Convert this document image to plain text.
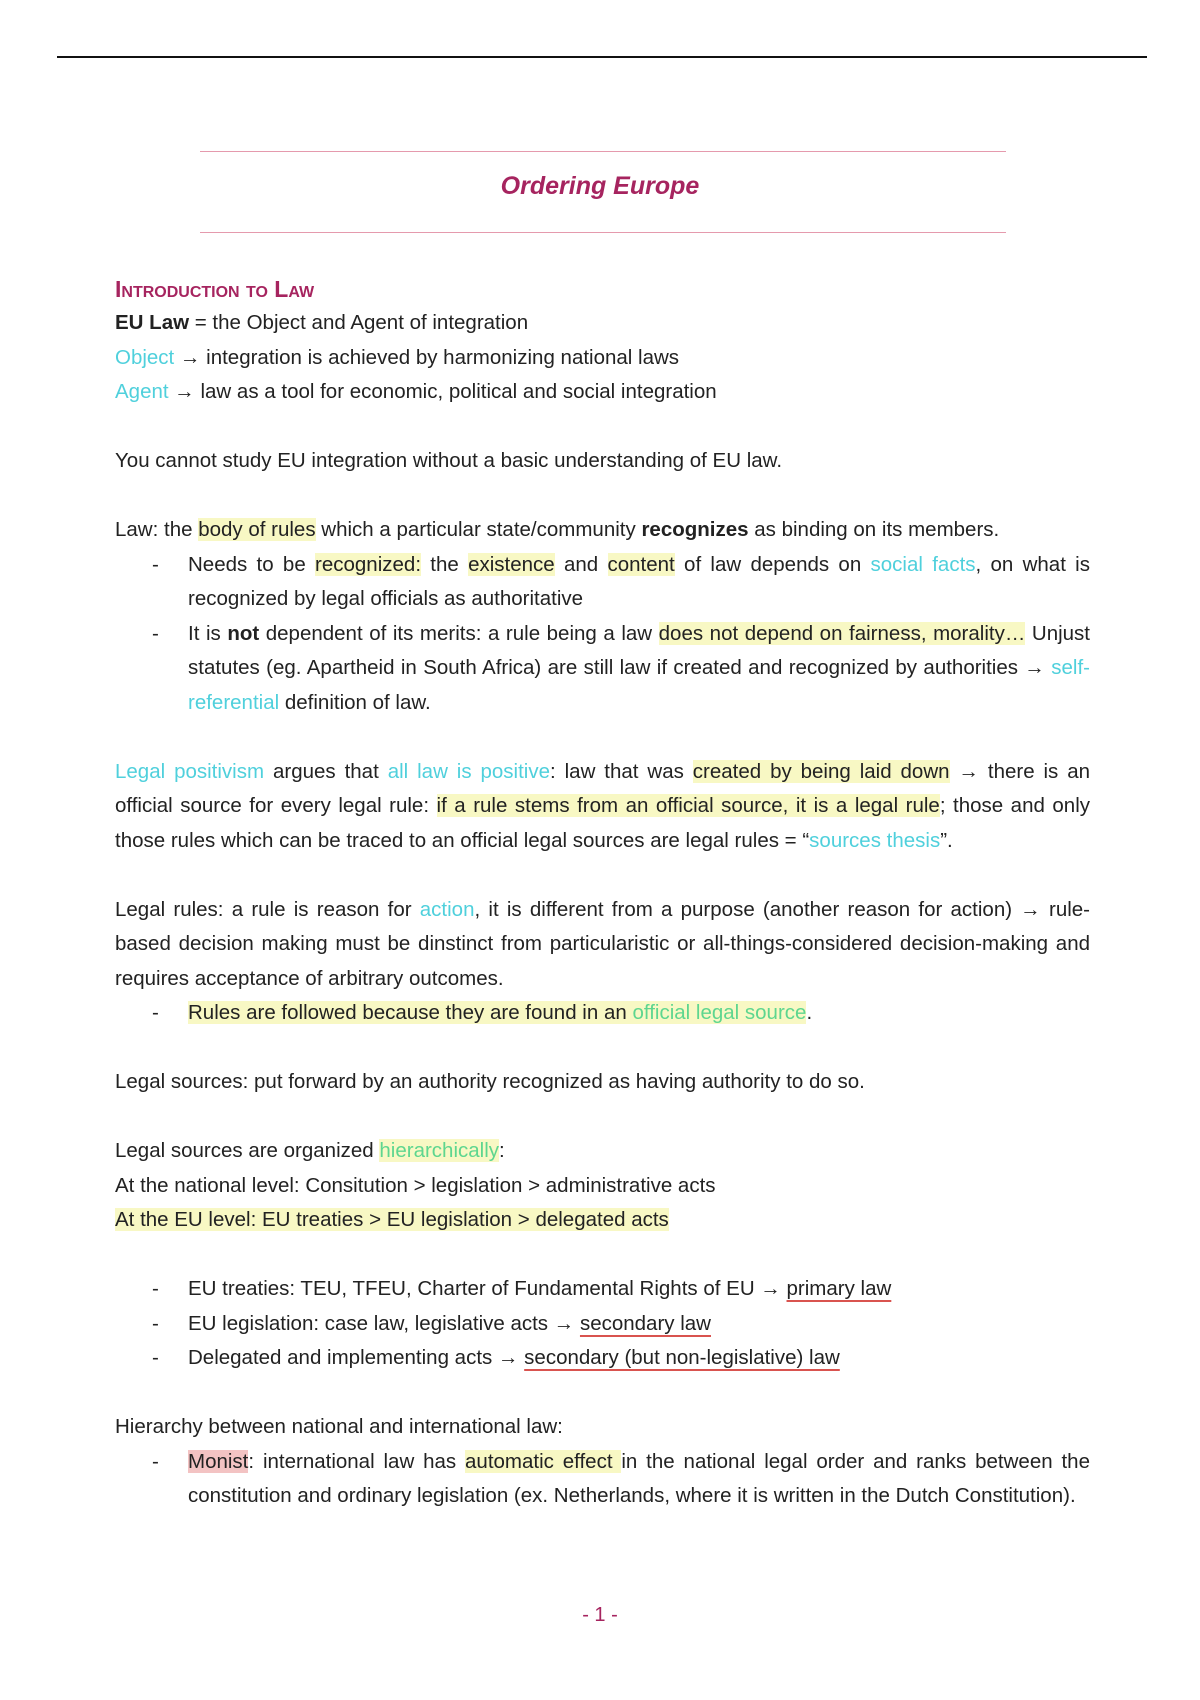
Ordering Europe
Introduction to Law

EU Law = the Object and Agent of integration

Object → integration is achieved by harmonizing national laws

Agent → law as a tool for economic, political and social integration

You cannot study EU integration without a basic understanding of EU law.

Law: the body of rules which a particular state/community recognizes as binding on its members.

- Needs to be recognized: the existence and content of law depends on social facts, on what is recognized by legal officials as authoritative
- It is not dependent of its merits: a rule being a law does not depend on fairness, morality… Unjust statutes (eg. Apartheid in South Africa) are still law if created and recognized by authorities → self-referential definition of law.

Legal positivism argues that all law is positive: law that was created by being laid down → there is an official source for every legal rule: if a rule stems from an official source, it is a legal rule; those and only those rules which can be traced to an official legal sources are legal rules = “sources thesis”.

Legal rules: a rule is reason for action, it is different from a purpose (another reason for action) → rule-based decision making must be dinstinct from particularistic or all-things-considered decision-making and requires acceptance of arbitrary outcomes.

- Rules are followed because they are found in an official legal source.

Legal sources: put forward by an authority recognized as having authority to do so.

Legal sources are organized hierarchically:

At the national level: Consitution > legislation > administrative acts

At the EU level: EU treaties > EU legislation > delegated acts

- EU treaties: TEU, TFEU, Charter of Fundamental Rights of EU → primary law
- EU legislation: case law, legislative acts → secondary law
- Delegated and implementing acts → secondary (but non-legislative) law

Hierarchy between national and international law:

- Monist: international law has automatic effect in the national legal order and ranks between the constitution and ordinary legislation (ex. Netherlands, where it is written in the Dutch Constitution).
- 1 -
